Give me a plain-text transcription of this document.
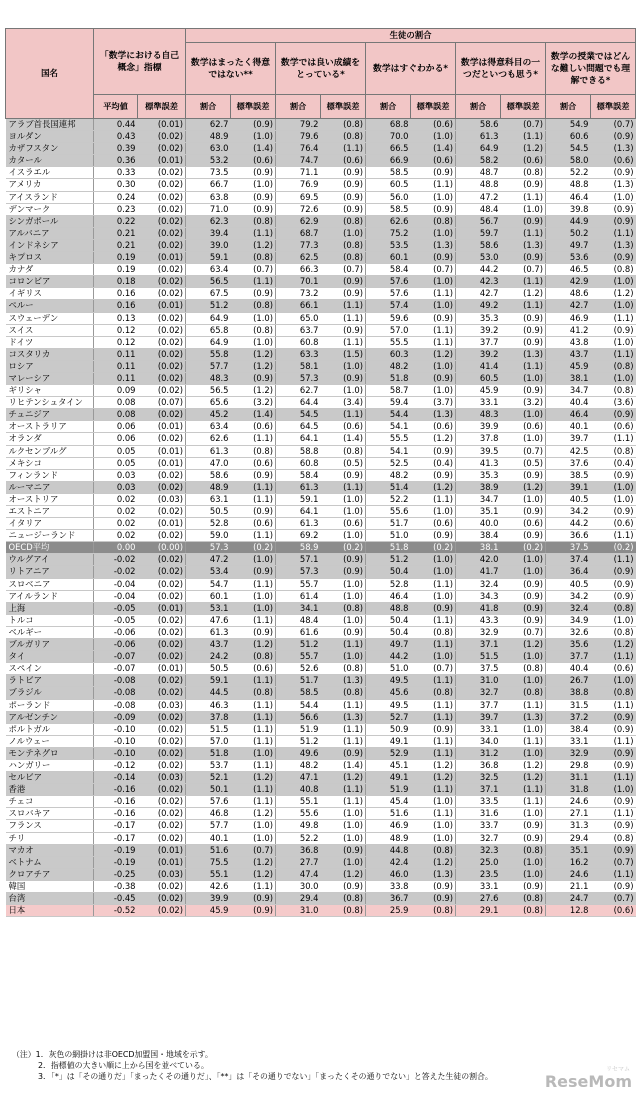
国名	「数学における自己概念」指標		生徒の割合									
			数学はまったく得意ではない**		数学では良い成績をとっている*		数学はすぐわかる*		数学は得意科目の一つだといつも思う*		数学の授業ではどんな難しい問題でも理解できる*	
	平均値	標準誤差	割合	標準誤差	割合	標準誤差	割合	標準誤差	割合	標準誤差	割合	標準誤差
アラブ首長国連邦	0.44	(0.01)	62.7	(0.9)	79.2	(0.8)	68.8	(0.6)	58.6	(0.7)	54.9	(0.7)
ヨルダン	0.43	(0.02)	48.9	(1.0)	79.6	(0.8)	70.0	(1.0)	61.3	(1.1)	60.6	(0.9)
カザフスタン	0.39	(0.02)	63.0	(1.4)	76.4	(1.1)	66.5	(1.4)	64.9	(1.2)	54.5	(1.3)
カタール	0.36	(0.01)	53.2	(0.6)	74.7	(0.6)	66.9	(0.6)	58.2	(0.6)	58.0	(0.6)
イスラエル	0.33	(0.02)	73.5	(0.9)	71.1	(0.9)	58.5	(0.9)	48.7	(0.8)	52.2	(0.9)
アメリカ	0.30	(0.02)	66.7	(1.0)	76.9	(0.9)	60.5	(1.1)	48.8	(0.9)	48.8	(1.3)
アイスランド	0.24	(0.02)	63.8	(0.9)	69.5	(0.9)	56.0	(1.0)	47.2	(1.1)	46.4	(1.0)
デンマーク	0.23	(0.02)	71.0	(0.9)	72.6	(0.9)	58.5	(0.9)	48.4	(1.0)	39.8	(0.9)
シンガポール	0.22	(0.02)	62.3	(0.8)	62.9	(0.8)	62.6	(0.8)	56.7	(0.9)	44.9	(0.9)
アルバニア	0.21	(0.02)	39.4	(1.1)	68.7	(1.0)	75.2	(1.0)	59.7	(1.1)	50.2	(1.1)
インドネシア	0.21	(0.02)	39.0	(1.2)	77.3	(0.8)	53.5	(1.3)	58.6	(1.3)	49.7	(1.3)
キプロス	0.19	(0.01)	59.1	(0.8)	62.5	(0.8)	60.1	(0.9)	53.0	(0.9)	53.6	(0.9)
カナダ	0.19	(0.02)	63.4	(0.7)	66.3	(0.7)	58.4	(0.7)	44.2	(0.7)	46.5	(0.8)
コロンビア	0.18	(0.02)	56.5	(1.1)	70.1	(0.9)	57.6	(1.0)	42.3	(1.1)	42.9	(1.0)
イギリス	0.16	(0.02)	67.5	(0.9)	73.2	(0.9)	57.6	(1.1)	42.7	(1.2)	48.6	(1.2)
ペルー	0.16	(0.01)	51.2	(0.8)	66.1	(1.1)	57.4	(1.0)	49.2	(1.1)	42.7	(1.0)
スウェーデン	0.13	(0.02)	64.9	(1.0)	65.0	(1.1)	59.6	(0.9)	35.3	(0.9)	46.9	(1.1)
スイス	0.12	(0.02)	65.8	(0.8)	63.7	(0.9)	57.0	(1.1)	39.2	(0.9)	41.2	(0.9)
ドイツ	0.12	(0.02)	64.9	(1.0)	60.8	(1.1)	55.5	(1.1)	37.7	(0.9)	43.8	(1.0)
コスタリカ	0.11	(0.02)	55.8	(1.2)	63.3	(1.5)	60.3	(1.2)	39.2	(1.3)	43.7	(1.1)
ロシア	0.11	(0.02)	57.7	(1.2)	58.1	(1.0)	48.2	(1.0)	41.4	(1.1)	45.9	(0.8)
マレーシア	0.11	(0.02)	48.3	(0.9)	57.3	(0.9)	51.8	(0.9)	60.5	(1.0)	38.1	(1.0)
ギリシャ	0.09	(0.02)	56.5	(1.2)	62.7	(1.0)	58.7	(1.0)	45.9	(0.9)	34.7	(0.8)
リヒテンシュタイン	0.08	(0.07)	65.6	(3.2)	64.4	(3.4)	59.4	(3.7)	33.1	(3.2)	40.4	(3.6)
チュニジア	0.08	(0.02)	45.2	(1.4)	54.5	(1.1)	54.4	(1.3)	48.3	(1.0)	46.4	(0.9)
オーストラリア	0.06	(0.01)	63.4	(0.6)	64.5	(0.6)	54.1	(0.6)	39.9	(0.6)	40.1	(0.6)
オランダ	0.06	(0.02)	62.6	(1.1)	64.1	(1.4)	55.5	(1.2)	37.8	(1.0)	39.7	(1.1)
ルクセンブルグ	0.05	(0.01)	61.3	(0.8)	58.8	(0.8)	54.1	(0.9)	39.5	(0.7)	42.5	(0.8)
メキシコ	0.05	(0.01)	47.0	(0.6)	60.8	(0.5)	52.5	(0.4)	41.3	(0.5)	37.6	(0.4)
フィンランド	0.03	(0.02)	58.6	(0.9)	58.4	(0.9)	48.2	(0.9)	35.3	(0.9)	38.5	(0.9)
ルーマニア	0.03	(0.02)	48.9	(1.1)	61.3	(1.1)	51.4	(1.2)	38.9	(1.2)	39.1	(1.0)
オーストリア	0.02	(0.03)	63.1	(1.1)	59.1	(1.0)	52.2	(1.1)	34.7	(1.0)	40.5	(1.0)
エストニア	0.02	(0.02)	50.5	(0.9)	64.1	(1.0)	55.6	(1.0)	35.1	(0.9)	34.2	(0.9)
イタリア	0.02	(0.01)	52.8	(0.6)	61.3	(0.6)	51.7	(0.6)	40.0	(0.6)	44.2	(0.6)
ニュージーランド	0.02	(0.02)	59.0	(1.1)	69.2	(1.0)	51.0	(0.9)	38.4	(0.9)	36.6	(1.1)
OECD平均	0.00	(0.00)	57.3	(0.2)	58.9	(0.2)	51.8	(0.2)	38.1	(0.2)	37.5	(0.2)
ウルグアイ	-0.02	(0.02)	47.2	(1.0)	57.1	(0.9)	51.2	(1.0)	42.0	(1.0)	37.4	(1.1)
リトアニア	-0.02	(0.02)	53.4	(0.9)	57.3	(0.9)	50.4	(1.0)	41.7	(1.0)	36.4	(0.9)
スロベニア	-0.04	(0.02)	54.7	(1.1)	55.7	(1.0)	52.8	(1.1)	32.4	(0.9)	40.5	(0.9)
アイルランド	-0.04	(0.02)	60.1	(1.0)	61.4	(1.0)	46.4	(1.0)	34.3	(0.9)	34.2	(0.9)
上海	-0.05	(0.01)	53.1	(1.0)	34.1	(0.8)	48.8	(0.9)	41.8	(0.9)	32.4	(0.8)
トルコ	-0.05	(0.02)	47.6	(1.1)	48.4	(1.0)	50.4	(1.1)	43.3	(0.9)	34.9	(1.0)
ベルギー	-0.06	(0.02)	61.3	(0.9)	61.6	(0.9)	50.4	(0.8)	32.9	(0.7)	32.6	(0.8)
ブルガリア	-0.06	(0.02)	43.7	(1.2)	51.2	(1.1)	49.7	(1.1)	37.1	(1.2)	35.6	(1.2)
タイ	-0.07	(0.02)	24.2	(0.8)	55.7	(1.0)	44.2	(1.0)	51.5	(1.0)	37.7	(1.1)
スペイン	-0.07	(0.01)	50.5	(0.6)	52.6	(0.8)	51.0	(0.7)	37.5	(0.8)	40.4	(0.6)
ラトビア	-0.08	(0.02)	59.1	(1.1)	51.7	(1.3)	49.5	(1.1)	31.0	(1.0)	26.7	(1.0)
ブラジル	-0.08	(0.02)	44.5	(0.8)	58.5	(0.8)	45.6	(0.8)	32.7	(0.8)	38.8	(0.8)
ポーランド	-0.08	(0.03)	46.3	(1.1)	54.4	(1.1)	49.5	(1.1)	37.7	(1.1)	31.5	(1.1)
アルゼンチン	-0.09	(0.02)	37.8	(1.1)	56.6	(1.3)	52.7	(1.1)	39.7	(1.3)	37.2	(0.9)
ポルトガル	-0.10	(0.02)	51.5	(1.1)	51.9	(1.1)	50.9	(0.9)	33.1	(1.0)	38.4	(0.9)
ノルウェー	-0.10	(0.02)	57.0	(1.1)	51.2	(1.1)	49.1	(1.1)	34.0	(1.1)	33.1	(1.1)
モンテネグロ	-0.10	(0.02)	51.8	(1.0)	49.6	(0.9)	52.9	(1.1)	31.2	(1.0)	32.9	(0.9)
ハンガリー	-0.12	(0.02)	53.7	(1.1)	48.2	(1.4)	45.1	(1.2)	36.8	(1.2)	29.8	(0.9)
セルビア	-0.14	(0.03)	52.1	(1.2)	47.1	(1.2)	49.1	(1.2)	32.5	(1.2)	31.1	(1.1)
香港	-0.16	(0.02)	50.1	(1.1)	40.8	(1.1)	51.9	(1.1)	37.1	(1.1)	31.8	(1.0)
チェコ	-0.16	(0.02)	57.6	(1.1)	55.1	(1.1)	45.4	(1.0)	33.5	(1.1)	24.6	(0.9)
スロバキア	-0.16	(0.02)	46.8	(1.2)	55.6	(1.0)	51.6	(1.1)	31.6	(1.0)	27.1	(1.1)
フランス	-0.17	(0.02)	57.7	(1.0)	49.8	(1.0)	46.9	(1.0)	33.7	(0.9)	31.3	(0.9)
チリ	-0.17	(0.02)	40.1	(1.0)	52.2	(1.0)	48.9	(1.0)	32.7	(0.9)	29.4	(0.8)
マカオ	-0.19	(0.01)	51.6	(0.7)	36.8	(0.9)	44.8	(0.8)	32.3	(0.8)	35.1	(0.9)
ベトナム	-0.19	(0.01)	75.5	(1.2)	27.7	(1.0)	42.4	(1.2)	25.0	(1.0)	16.2	(0.7)
クロアチア	-0.25	(0.03)	55.1	(1.2)	47.4	(1.2)	46.0	(1.3)	23.5	(1.0)	24.6	(1.1)
韓国	-0.38	(0.02)	42.6	(1.1)	30.0	(0.9)	33.8	(0.9)	33.1	(0.9)	21.1	(0.9)
台湾	-0.45	(0.02)	39.9	(0.9)	29.4	(0.8)	36.7	(0.9)	27.6	(0.8)	24.7	(0.7)
日本	-0.52	(0.02)	45.9	(0.9)	31.0	(0.8)	25.9	(0.8)	29.1	(0.8)	12.8	(0.6)
（注）1．灰色の網掛けは非OECD加盟国・地域を示す。
2．指標値の大きい順に上から国を並べている。
3．「*」は「その通りだ」「まったくその通りだ」、「**」は「その通りでない」「まったくその通りでない」と答えた生徒の割合。
リセマム
ReseMom
